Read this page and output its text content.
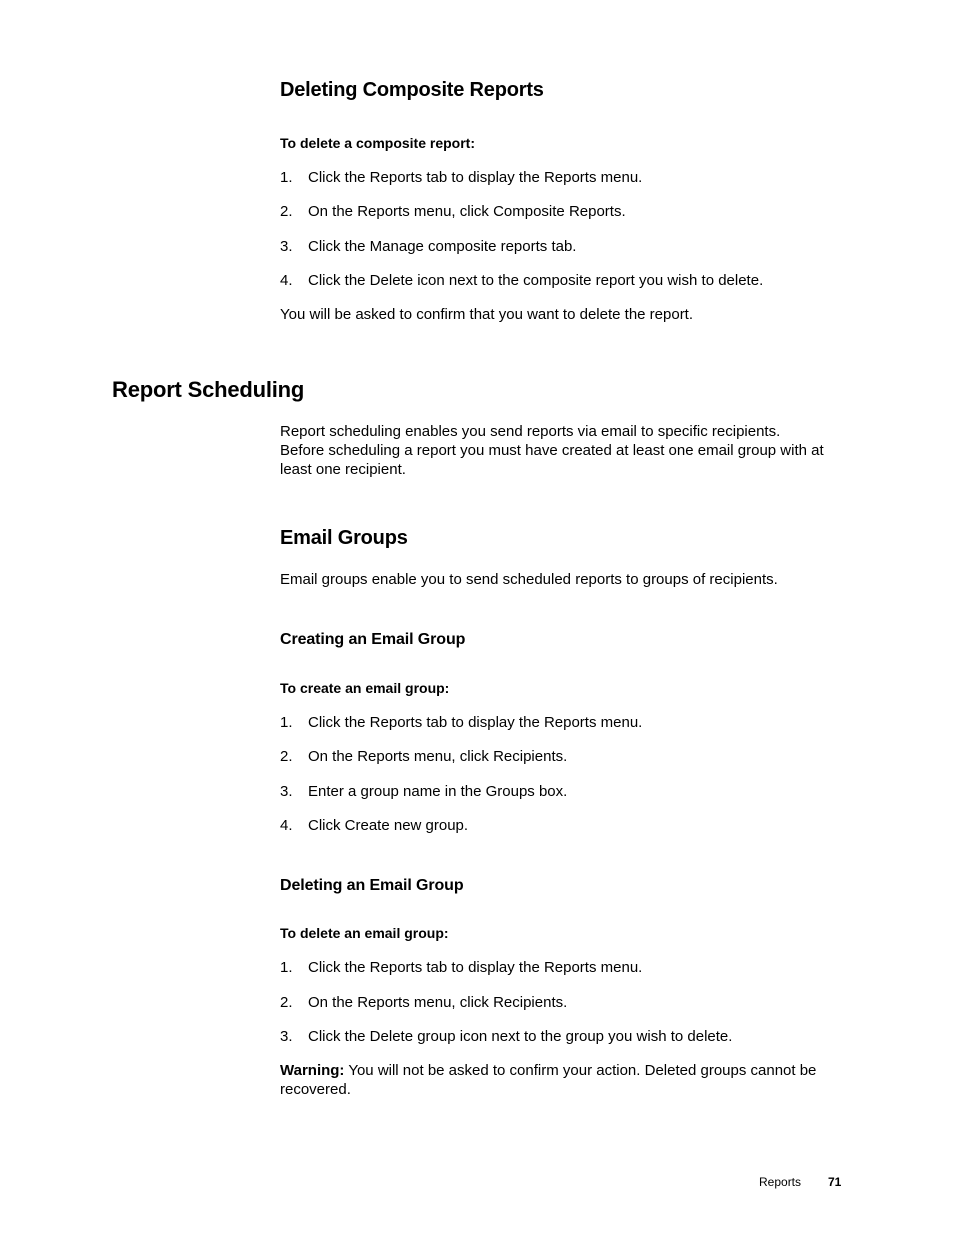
Deleting Composite Reports
To delete a composite report:
1. Click the Reports tab to display the Reports menu.
2. On the Reports menu, click Composite Reports.
3. Click the Manage composite reports tab.
4. Click the Delete icon next to the composite report you wish to delete.
You will be asked to confirm that you want to delete the report.
Report Scheduling
Report scheduling enables you send reports via email to specific recipients.
Before scheduling a report you must have created at least one email group with at
least one recipient.
Email Groups
Email groups enable you to send scheduled reports to groups of recipients.
Creating an Email Group
To create an email group:
1. Click the Reports tab to display the Reports menu.
2. On the Reports menu, click Recipients.
3. Enter a group name in the Groups box.
4. Click Create new group.
Deleting an Email Group
To delete an email group:
1. Click the Reports tab to display the Reports menu.
2. On the Reports menu, click Recipients.
3. Click the Delete group icon next to the group you wish to delete.
Warning: You will not be asked to confirm your action. Deleted groups cannot be
recovered.
Reports 71
